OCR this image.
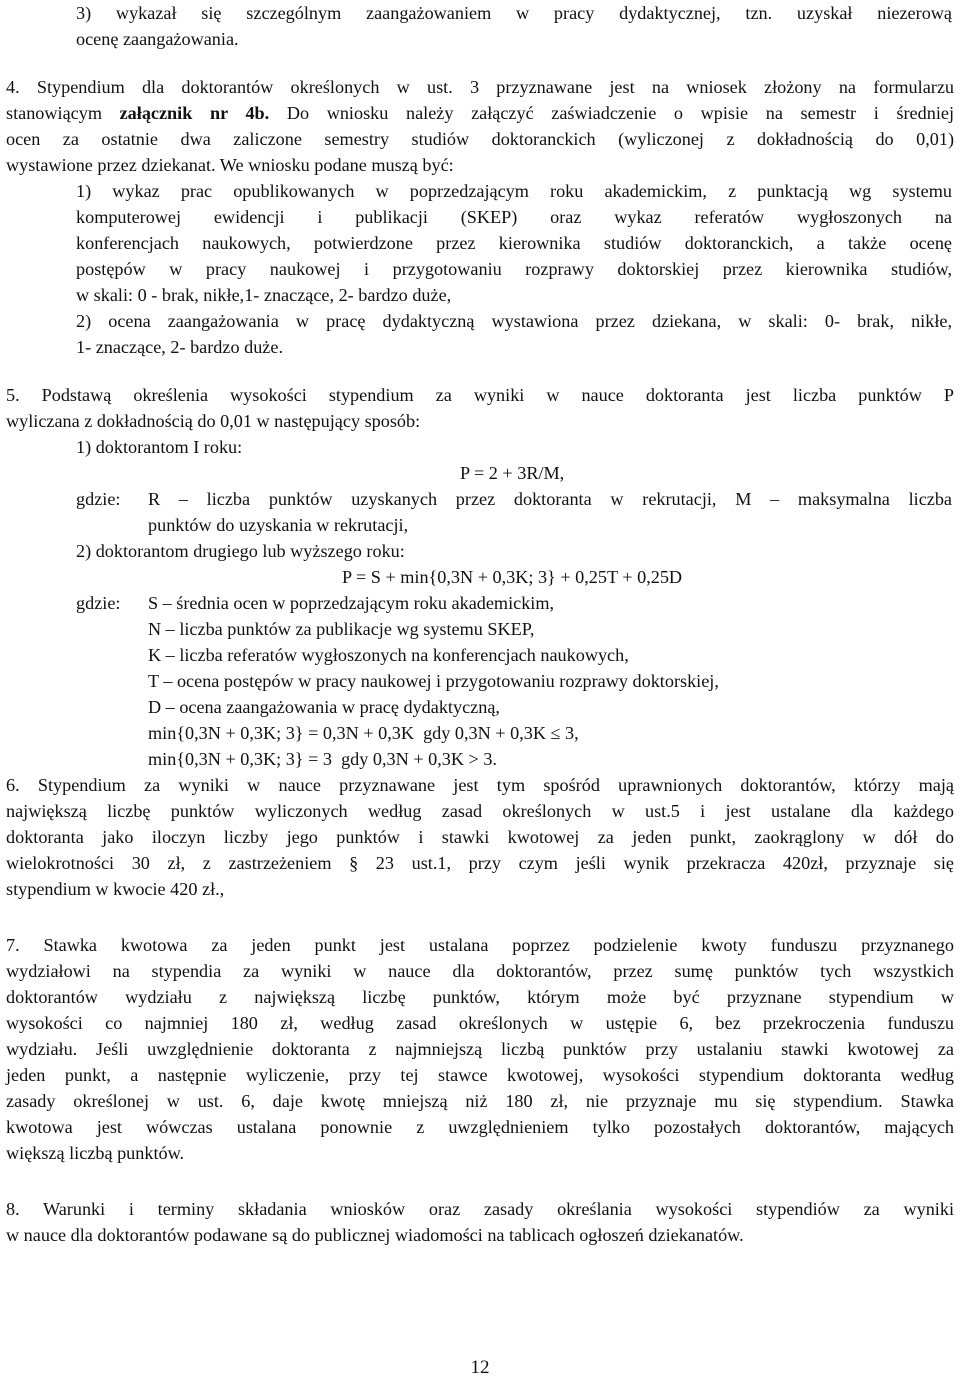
3) wykazał się szczególnym zaangażowaniem w pracy dydaktycznej, tzn. uzyskał niezerową
ocenę zaangażowania.
4. Stypendium dla doktorantów określonych w ust. 3 przyznawane jest na wniosek złożony na formularzu
stanowiącym załącznik nr 4b. Do wniosku należy załączyć zaświadczenie o wpisie na semestr i średniej
ocen za ostatnie dwa zaliczone semestry studiów doktoranckich (wyliczonej z dokładnością do 0,01)
wystawione przez dziekanat. We wniosku podane muszą być:
1) wykaz prac opublikowanych w poprzedzającym roku akademickim, z punktacją wg systemu
komputerowej ewidencji i publikacji (SKEP) oraz wykaz referatów wygłoszonych na
konferencjach naukowych, potwierdzone przez kierownika studiów doktoranckich, a także ocenę
postępów w pracy naukowej i przygotowaniu rozprawy doktorskiej przez kierownika studiów,
w skali: 0 - brak, nikłe,1- znaczące, 2- bardzo duże,
2) ocena zaangażowania w pracę dydaktyczną wystawiona przez dziekana, w skali: 0- brak, nikłe,
1- znaczące, 2- bardzo duże.
5. Podstawą określenia wysokości stypendium za wyniki w nauce doktoranta jest liczba punktów P
wyliczana z dokładnością do 0,01 w następujący sposób:
1) doktorantom I roku:
P = 2 + 3R/M,
gdzie: R – liczba punktów uzyskanych przez doktoranta w rekrutacji, M – maksymalna liczba
punktów do uzyskania w rekrutacji,
2) doktorantom drugiego lub wyższego roku:
P = S + min{0,3N + 0,3K; 3} + 0,25T + 0,25D
gdzie: S – średnia ocen w poprzedzającym roku akademickim,
N – liczba punktów za publikacje wg systemu SKEP,
K – liczba referatów wygłoszonych na konferencjach naukowych,
T – ocena postępów w pracy naukowej i przygotowaniu rozprawy doktorskiej,
D – ocena zaangażowania w pracę dydaktyczną,
min{0,3N + 0,3K; 3} = 0,3N + 0,3K  gdy 0,3N + 0,3K ≤ 3,
min{0,3N + 0,3K; 3} = 3  gdy 0,3N + 0,3K > 3.
6. Stypendium za wyniki w nauce przyznawane jest tym spośród uprawnionych doktorantów, którzy mają
największą liczbę punktów wyliczonych według zasad określonych w ust.5 i jest ustalane dla każdego
doktoranta jako iloczyn liczby jego punktów i stawki kwotowej za jeden punkt, zaokrąglony w dół do
wielokrotności 30 zł, z zastrzeżeniem § 23 ust.1, przy czym jeśli wynik przekracza 420zł, przyznaje się
stypendium w kwocie 420 zł.,
7. Stawka kwotowa za jeden punkt jest ustalana poprzez podzielenie kwoty funduszu przyznanego
wydziałowi na stypendia za wyniki w nauce dla doktorantów, przez sumę punktów tych wszystkich
doktorantów wydziału z największą liczbę punktów, którym może być przyznane stypendium w
wysokości co najmniej 180 zł, według zasad określonych w ustępie 6, bez przekroczenia funduszu
wydziału. Jeśli uwzględnienie doktoranta z najmniejszą liczbą punktów przy ustalaniu stawki kwotowej za
jeden punkt, a następnie wyliczenie, przy tej stawce kwotowej, wysokości stypendium doktoranta według
zasady określonej w ust. 6, daje kwotę mniejszą niż 180 zł, nie przyznaje mu się stypendium. Stawka
kwotowa jest wówczas ustalana ponownie z uwzględnieniem tylko pozostałych doktorantów, mających
większą liczbą punktów.
8. Warunki i terminy składania wniosków oraz zasady określania wysokości stypendiów za wyniki
w nauce dla doktorantów podawane są do publicznej wiadomości na tablicach ogłoszeń dziekanatów.
12
